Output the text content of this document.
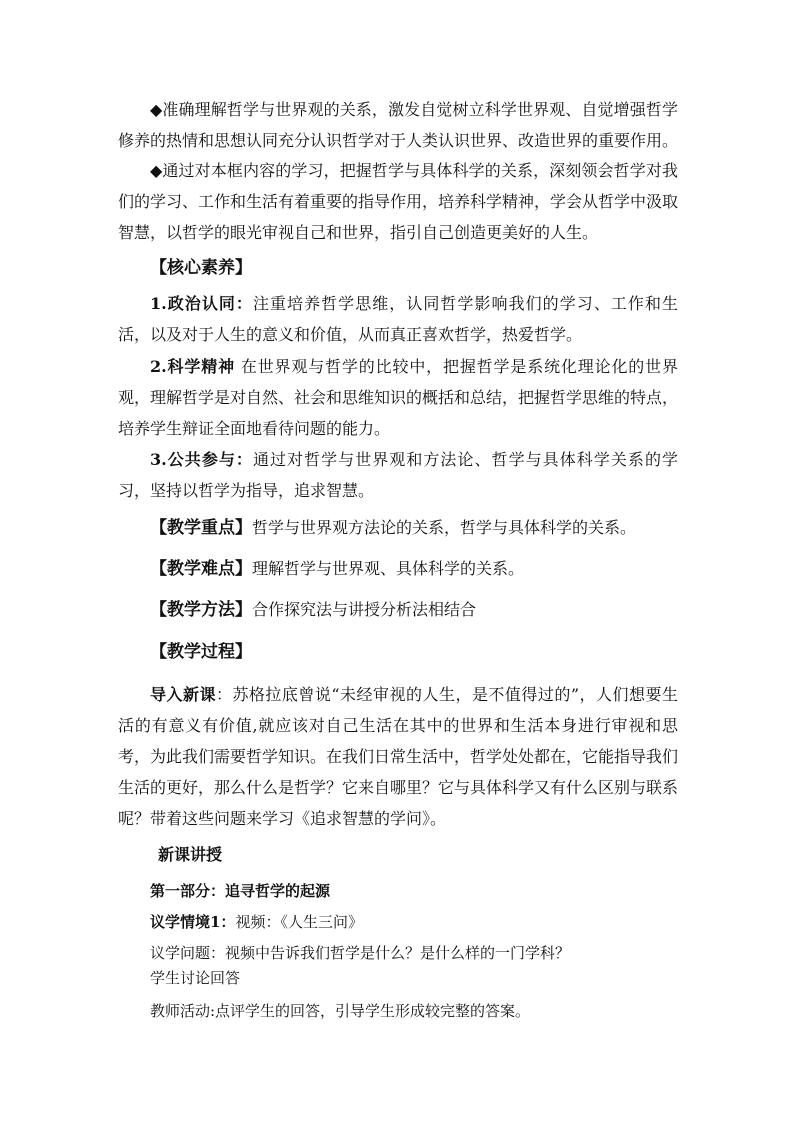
◆准确理解哲学与世界观的关系，激发自觉树立科学世界观、自觉增强哲学修养的热情和思想认同充分认识哲学对于人类认识世界、改造世界的重要作用。

◆通过对本框内容的学习，把握哲学与具体科学的关系，深刻领会哲学对我们的学习、工作和生活有着重要的指导作用，培养科学精神，学会从哲学中汲取智慧，以哲学的眼光审视自己和世界，指引自己创造更美好的人生。

【核心素养】

1.政治认同：注重培养哲学思维，认同哲学影响我们的学习、工作和生活，以及对于人生的意义和价值，从而真正喜欢哲学，热爱哲学。

2.科学精神 在世界观与哲学的比较中，把握哲学是系统化理论化的世界观，理解哲学是对自然、社会和思维知识的概括和总结，把握哲学思维的特点，培养学生辩证全面地看待问题的能力。

3.公共参与：通过对哲学与世界观和方法论、哲学与具体科学关系的学习，坚持以哲学为指导，追求智慧。

【教学重点】哲学与世界观方法论的关系，哲学与具体科学的关系。

【教学难点】理解哲学与世界观、具体科学的关系。

【教学方法】合作探究法与讲授分析法相结合

【教学过程】

导入新课：苏格拉底曾说“未经审视的人生，是不值得过的”，人们想要生活的有意义有价值,就应该对自己生活在其中的世界和生活本身进行审视和思考，为此我们需要哲学知识。在我们日常生活中，哲学处处都在，它能指导我们生活的更好，那么什么是哲学？它来自哪里？它与具体科学又有什么区别与联系呢？带着这些问题来学习《追求智慧的学问》。

新课讲授

第一部分：追寻哲学的起源

议学情境1：视频：《人生三问》

议学问题：视频中告诉我们哲学是什么？是什么样的一门学科？

学生讨论回答

教师活动:点评学生的回答，引导学生形成较完整的答案。
